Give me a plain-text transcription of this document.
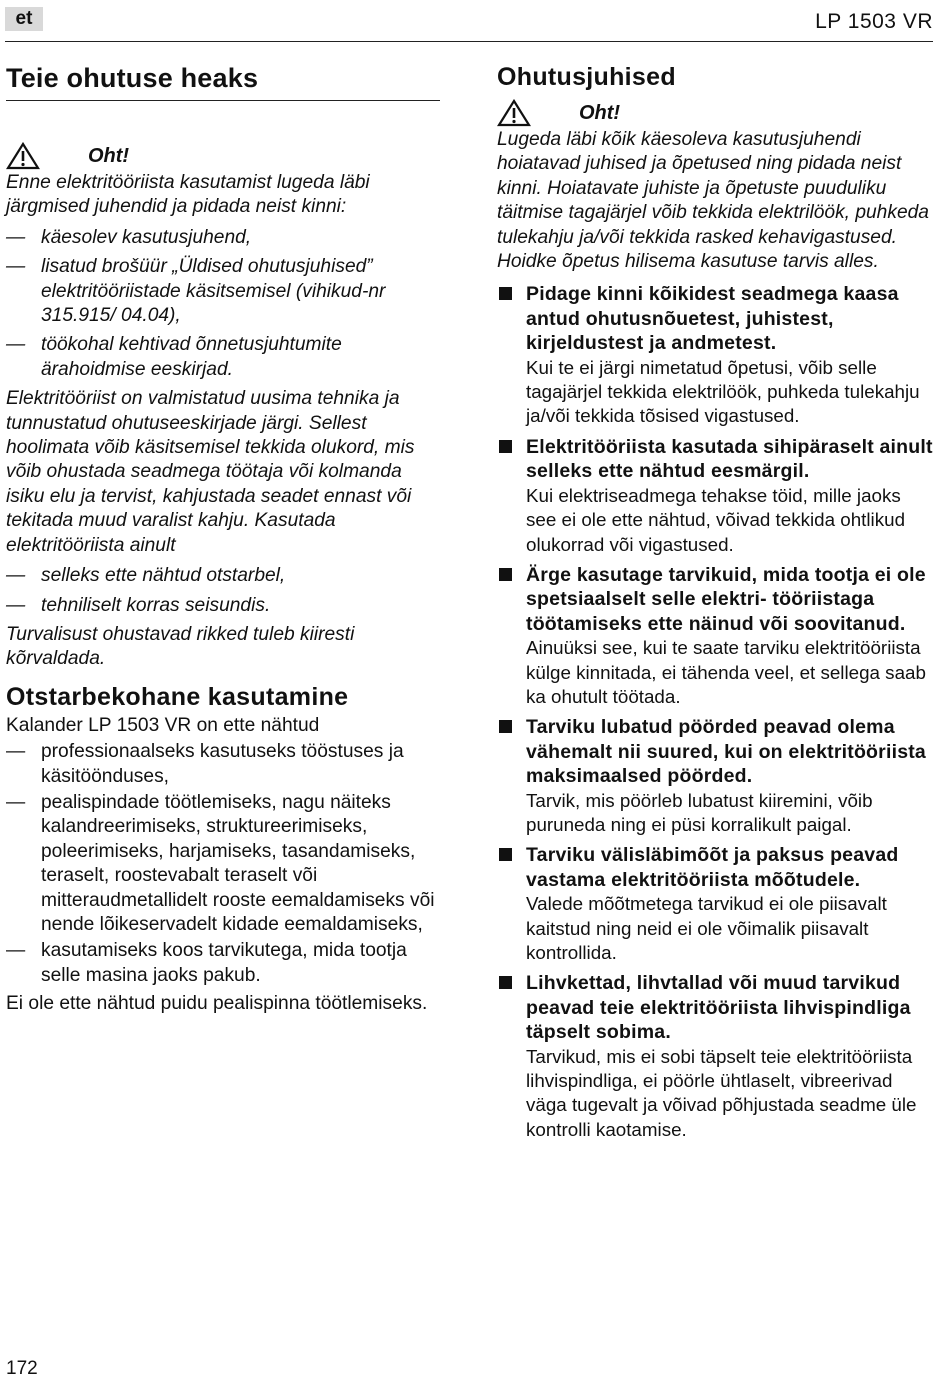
et	LP 1503 VR
Teie ohutuse heaks
Oht!

Enne elektritööriista kasutamist lugeda läbi järgmised juhendid ja pidada neist kinni:

— käesolev kasutusjuhend,
— lisatud brošüür „Üldised ohutusjuhised” elektritööriistade käsitsemisel (vihikud-nr 315.915/ 04.04),
— töökohal kehtivad õnnetusjuhtumite ärahoidmise eeskirjad.

Elektritööriist on valmistatud uusima tehnika ja tunnustatud ohutuseeskirjade järgi. Sellest hoolimata võib käsitsemisel tekkida olukord, mis võib ohustada seadmega töötaja või kolmanda isiku elu ja tervist, kahjustada seadet ennast või tekitada muud varalist kahju. Kasutada elektritööriista ainult

— selleks ette nähtud otstarbel,
— tehniliselt korras seisundis.

Turvalisust ohustavad rikked tuleb kiiresti kõrvaldada.

Otstarbekohane kasutamine

Kalander LP 1503 VR on ette nähtud

— professionaalseks kasutuseks tööstuses ja käsitöönduses,
— pealispindade töötlemiseks, nagu näiteks kalandreerimiseks, struktureerimiseks, poleerimiseks, harjamiseks, tasandamiseks, teraselt, roostevabalt teraselt või mitteraudmetallidelt rooste eemaldamiseks või nende lõikeservadelt kidade eemaldamiseks,
— kasutamiseks koos tarvikutega, mida tootja selle masina jaoks pakub.

Ei ole ette nähtud puidu pealispinna töötlemiseks.

Ohutusjuhised
Oht!

Lugeda läbi kõik käesoleva kasutusjuhendi hoiatavad juhised ja õpetused ning pidada neist kinni. Hoiatavate juhiste ja õpetuste puuduliku täitmise tagajärjel võib tekkida elektrilöök, puhkeda tulekahju ja/või tekkida rasked kehavigastused. Hoidke õpetus hilisema kasutuse tarvis alles.

Pidage kinni kõikidest seadmega kaasa antud ohutusnõuetest, juhistest, kirjeldustest ja andmetest.
Kui te ei järgi nimetatud õpetusi, võib selle tagajärjel tekkida elektrilöök, puhkeda tulekahju ja/või tekkida tõsised vigastused.
Elektritööriista kasutada sihipäraselt ainult selleks ette nähtud eesmärgil.
Kui elektriseadmega tehakse töid, mille jaoks see ei ole ette nähtud, võivad tekkida ohtlikud olukorrad või vigastused.
Ärge kasutage tarvikuid, mida tootja ei ole spetsiaalselt selle elektri- tööriistaga töötamiseks ette näinud või soovitanud.
Ainuüksi see, kui te saate tarviku elektritööriista külge kinnitada, ei tähenda veel, et sellega saab ka ohutult töötada.
Tarviku lubatud pöörded peavad olema vähemalt nii suured, kui on elektritööriista maksimaalsed pöörded.
Tarvik, mis pöörleb lubatust kiiremini, võib puruneda ning ei püsi korralikult paigal.
Tarviku välisläbimõõt ja paksus peavad vastama elektritööriista mõõtudele.
Valede mõõtmetega tarvikud ei ole piisavalt kaitstud ning neid ei ole võimalik piisavalt kontrollida.
Lihvkettad, lihvtallad või muud tarvikud peavad teie elektritööriista lihvispindliga täpselt sobima.
Tarvikud, mis ei sobi täpselt teie elektritööriista lihvispindliga, ei pöörle ühtlaselt, vibreerivad väga tugevalt ja võivad põhjustada seadme üle kontrolli kaotamise.
172
